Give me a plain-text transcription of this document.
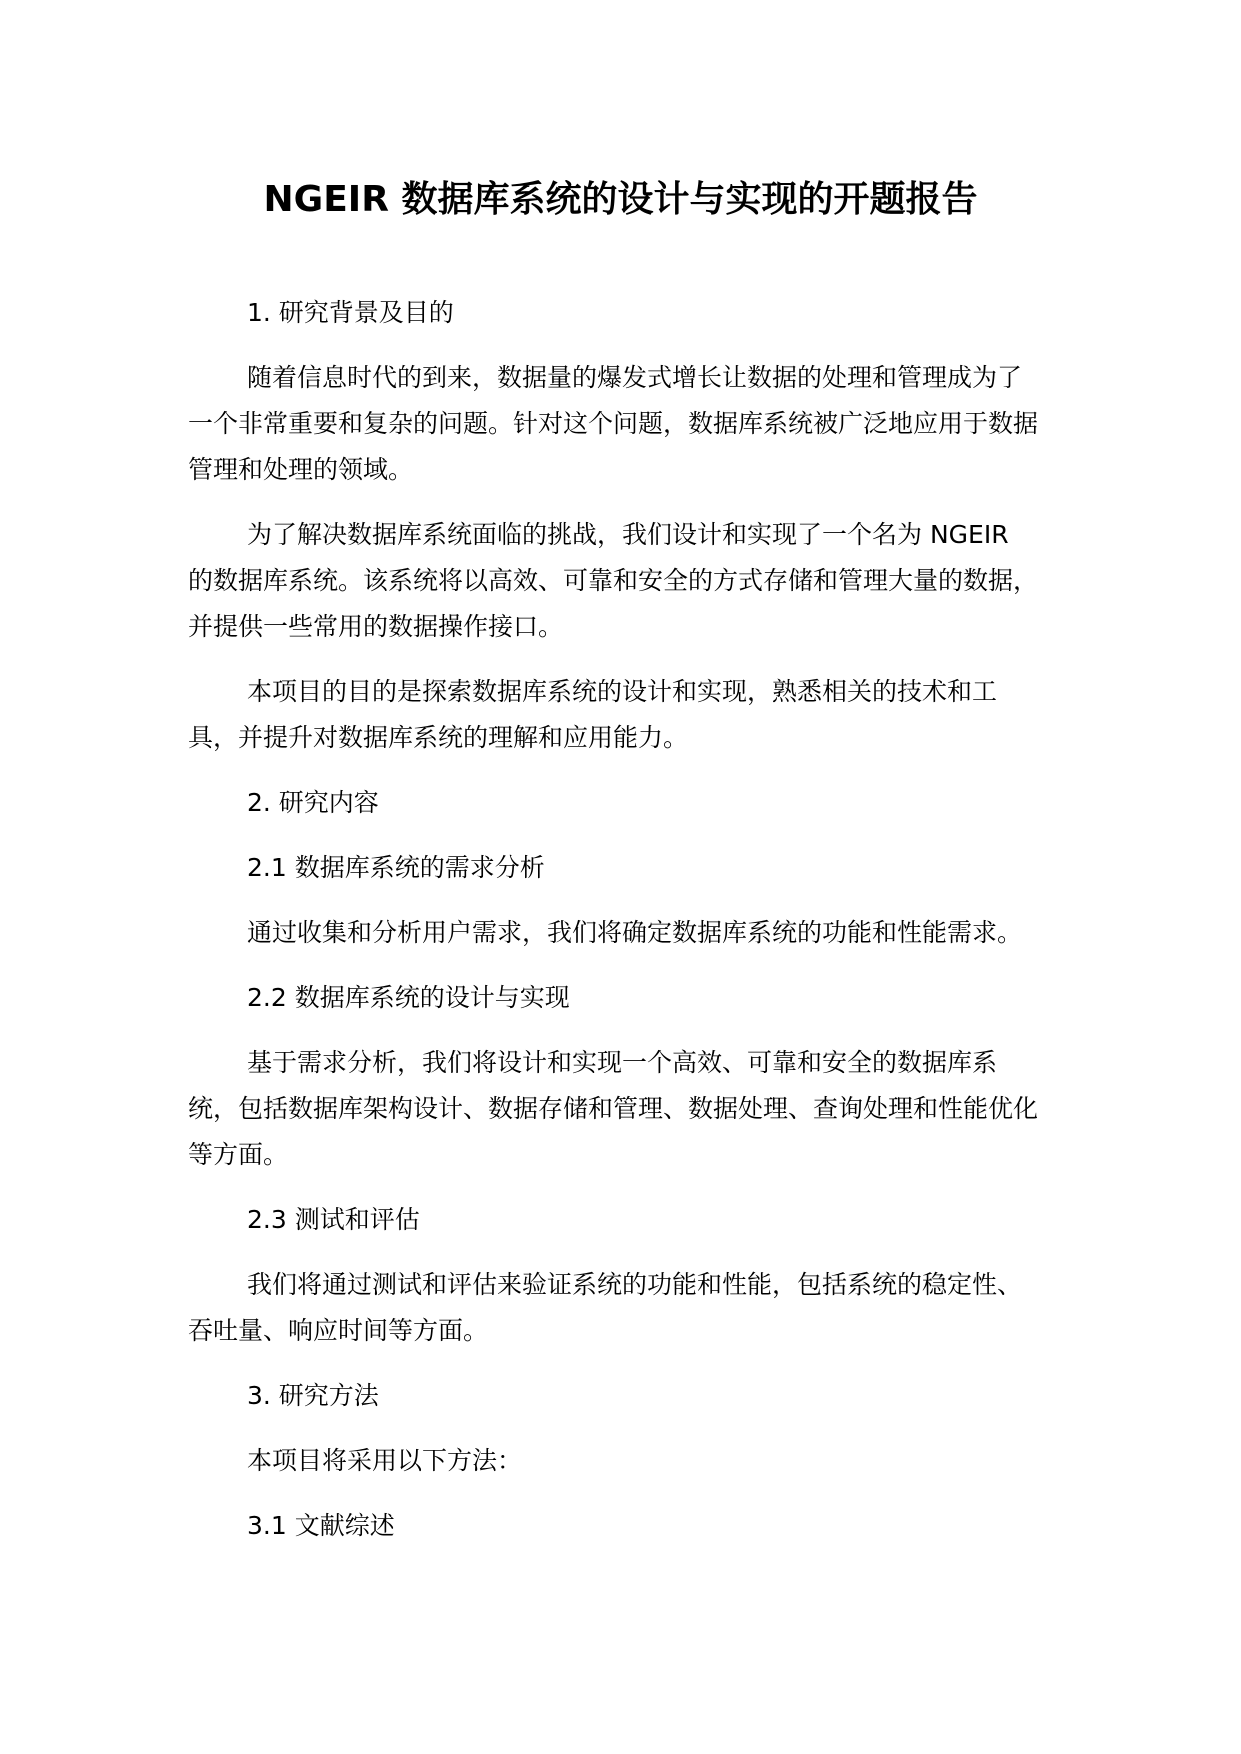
NGEIR 数据库系统的设计与实现的开题报告

1. 研究背景及目的

随着信息时代的到来，数据量的爆发式增长让数据的处理和管理成为了一个非常重要和复杂的问题。针对这个问题，数据库系统被广泛地应用于数据管理和处理的领域。

为了解决数据库系统面临的挑战，我们设计和实现了一个名为 NGEIR 的数据库系统。该系统将以高效、可靠和安全的方式存储和管理大量的数据，并提供一些常用的数据操作接口。

本项目的目的是探索数据库系统的设计和实现，熟悉相关的技术和工具，并提升对数据库系统的理解和应用能力。

2. 研究内容

2.1 数据库系统的需求分析

通过收集和分析用户需求，我们将确定数据库系统的功能和性能需求。

2.2 数据库系统的设计与实现

基于需求分析，我们将设计和实现一个高效、可靠和安全的数据库系统，包括数据库架构设计、数据存储和管理、数据处理、查询处理和性能优化等方面。

2.3 测试和评估

我们将通过测试和评估来验证系统的功能和性能，包括系统的稳定性、吞吐量、响应时间等方面。

3. 研究方法

本项目将采用以下方法：

3.1 文献综述
